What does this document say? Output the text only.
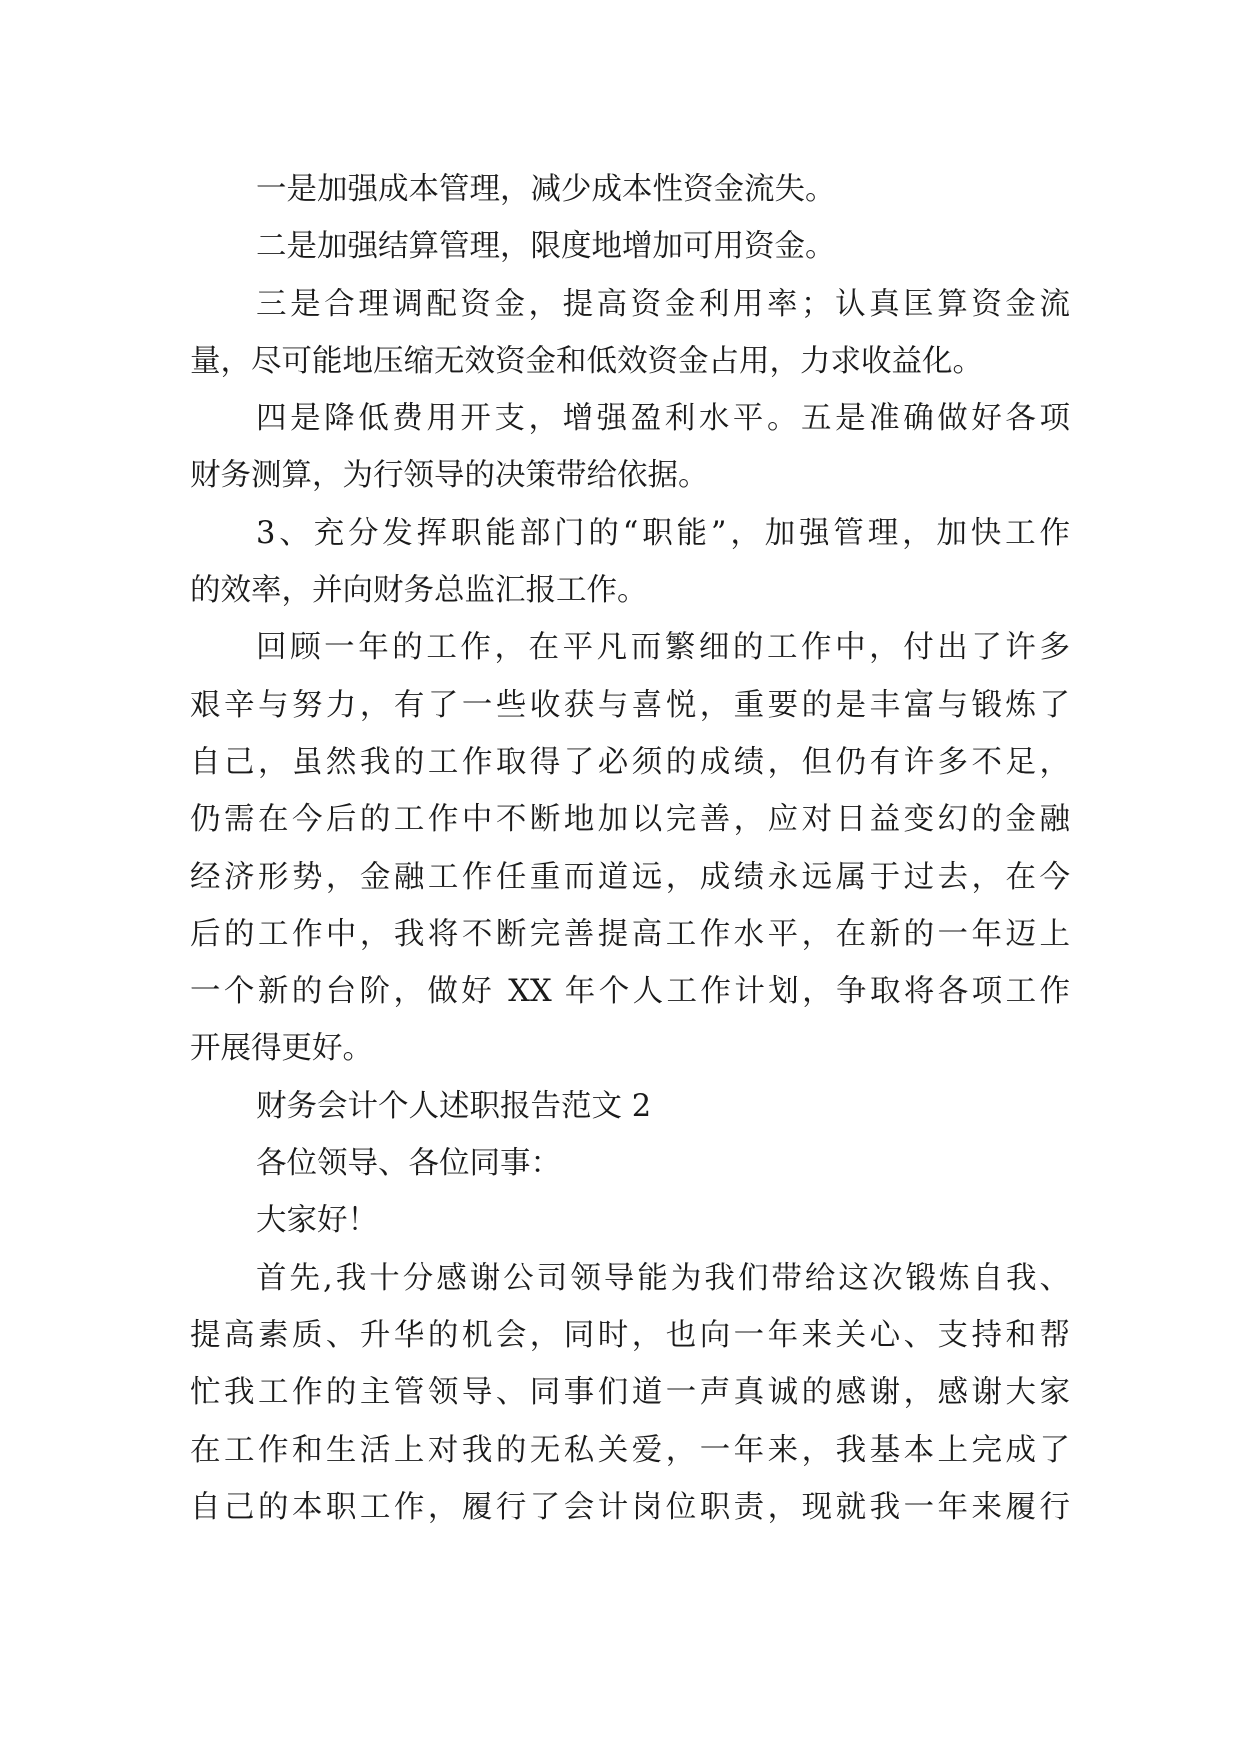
一是加强成本管理，减少成本性资金流失。
二是加强结算管理，限度地增加可用资金。
三是合理调配资金，提高资金利用率；认真匡算资金流
量，尽可能地压缩无效资金和低效资金占用，力求收益化。
四是降低费用开支，增强盈利水平。五是准确做好各项
财务测算，为行领导的决策带给依据。
3、充分发挥职能部门的“职能”，加强管理，加快工作
的效率，并向财务总监汇报工作。
回顾一年的工作，在平凡而繁细的工作中，付出了许多
艰辛与努力，有了一些收获与喜悦，重要的是丰富与锻炼了
自己，虽然我的工作取得了必须的成绩，但仍有许多不足，
仍需在今后的工作中不断地加以完善，应对日益变幻的金融
经济形势，金融工作任重而道远，成绩永远属于过去，在今
后的工作中，我将不断完善提高工作水平，在新的一年迈上
一个新的台阶，做好 XX 年个人工作计划，争取将各项工作
开展得更好。
财务会计个人述职报告范文 2
各位领导、各位同事：
大家好！
首先,我十分感谢公司领导能为我们带给这次锻炼自我、
提高素质、升华的机会，同时，也向一年来关心、支持和帮
忙我工作的主管领导、同事们道一声真诚的感谢，感谢大家
在工作和生活上对我的无私关爱，一年来，我基本上完成了
自己的本职工作，履行了会计岗位职责，现就我一年来履行
